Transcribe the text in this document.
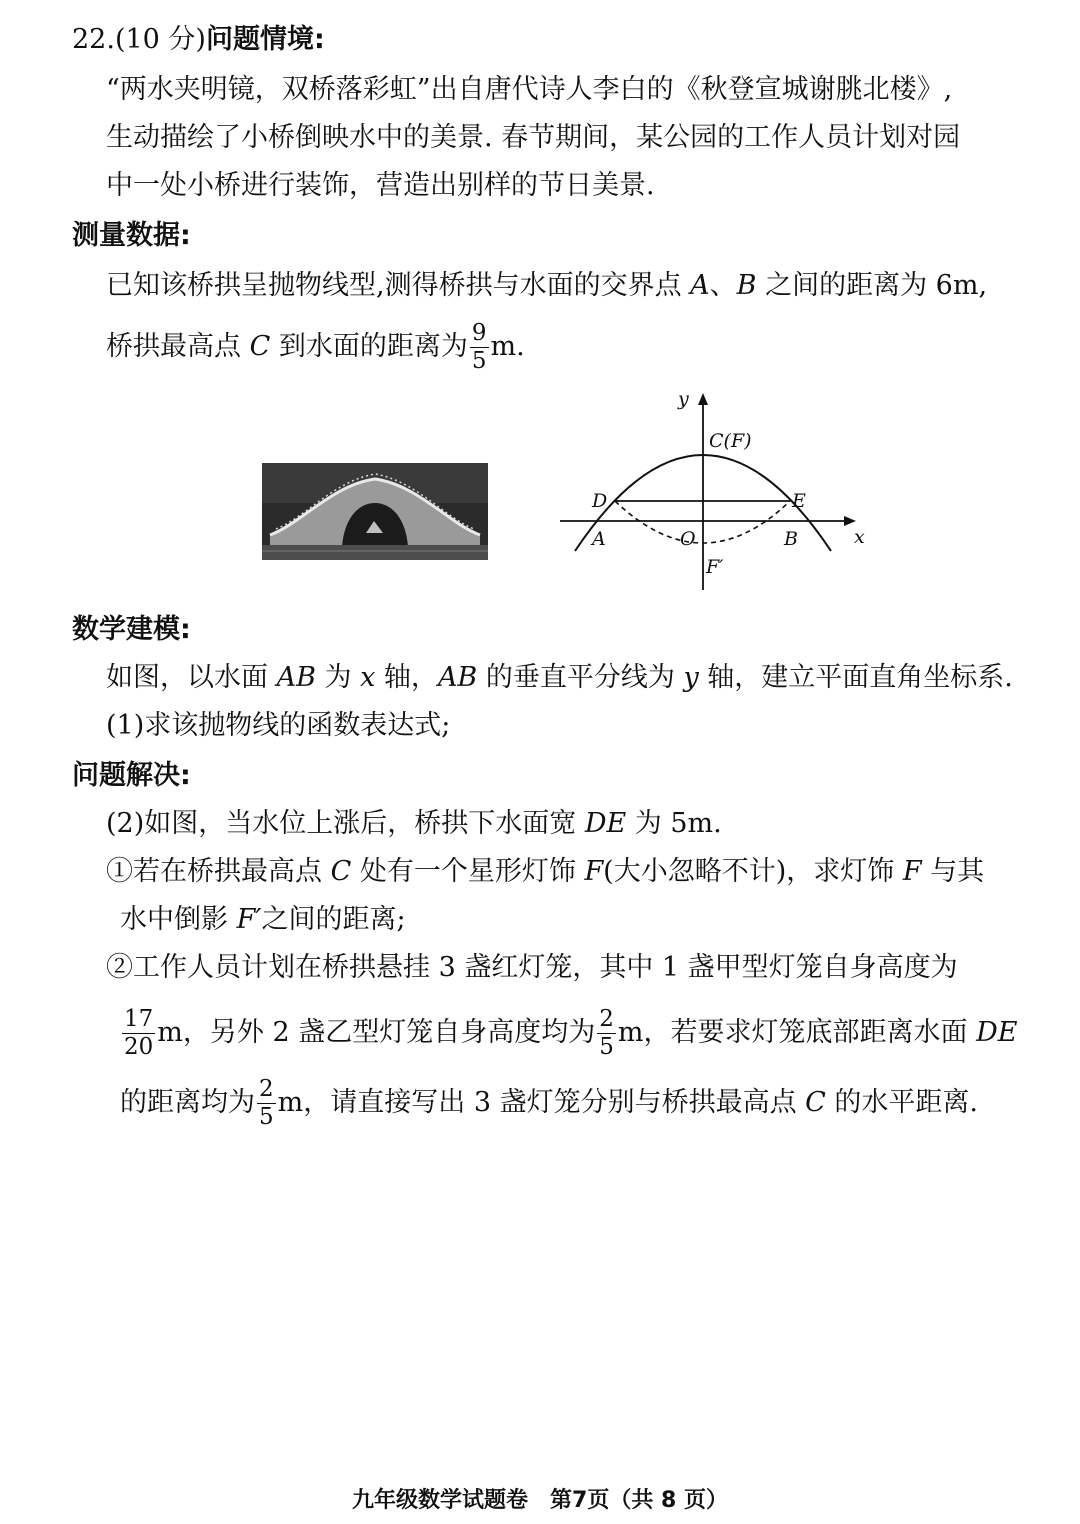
22.(10 分)问题情境:
“两水夹明镜，双桥落彩虹”出自唐代诗人李白的《秋登宣城谢朓北楼》,
生动描绘了小桥倒映水中的美景. 春节期间，某公园的工作人员计划对园
中一处小桥进行装饰，营造出别样的节日美景.
测量数据:
已知该桥拱呈抛物线型,测得桥拱与水面的交界点 A、B 之间的距离为 6m,
桥拱最高点 C 到水面的距离为 $\frac{9}{5} m$.
y
x
C(F)
D	E
A	O	B
F′
数学建模:
如图，以水面 AB 为 x 轴，AB 的垂直平分线为 y 轴，建立平面直角坐标系.
(1)求该抛物线的函数表达式;
问题解决:
(2)如图，当水位上涨后，桥拱下水面宽 DE 为 5m.
①若在桥拱最高点 C 处有一个星形灯饰 F(大小忽略不计)，求灯饰 F 与其
水中倒影 F′之间的距离;
②工作人员计划在桥拱悬挂 3 盏红灯笼，其中 1 盏甲型灯笼自身高度为
$\frac{17}{20}$ m，另外 2 盏乙型灯笼自身高度均为 $\frac{2}{5}$ m，若要求灯笼底部距离水面 DE
的距离均为 $\frac{2}{5}$ m，请直接写出 3 盏灯笼分别与桥拱最高点 C 的水平距离.
九年级数学试题卷　第7页（共 8 页）
